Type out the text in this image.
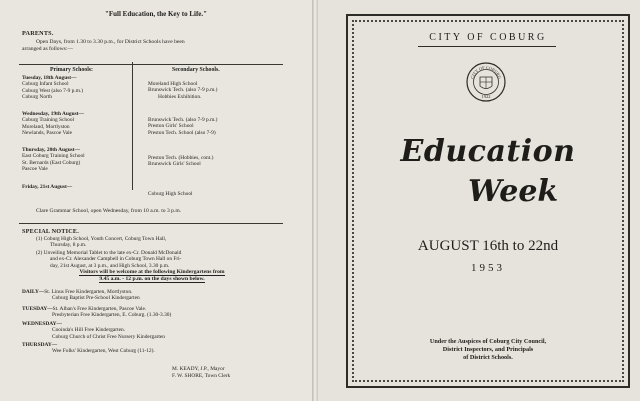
"Full Education, the Key to Life."
PARENTS.
Open Days, from 1.30 to 3.30 p.m., for District Schools have been
arranged as follows:—
Primary Schools:	Secondary Schools.
Tuesday, 18th August—
Coburg Infant School
Coburg West (also 7-9 p.m.)
Coburg North
Wednesday, 19th August—
Coburg Training School
Moreland, Mortlyston
Newlands, Pascoe Vale
Thursday, 20th August—
East Coburg Training School
St. Bernards (East Coburg)
Pascoe Vale
Friday, 21st August—
Moreland High School
Brunswick Tech. (also 7-9 p.m.)
Hobbies Exhibition.
Brunswick Tech. (also 7-9 p.m.)
Preston Girls' School
Preston Tech. School (also 7-9)
Preston Tech. (Hobbies, cont.)
Brunswick Girls' School
Coburg High School
Clare Grammar School, open Wednesday, from 10 a.m. to 3 p.m.
SPECIAL NOTICE.
(1) Coburg High School, Youth Concert, Coburg Town Hall,
Thursday, 8 p.m.
(2) Unveiling Memorial Tablet to the late ex-Cr. Donald McDonald
and ex-Cr. Alexander Campbell in Coburg Town Hall on Fri-
day, 21st August, at 3 p.m., and High School, 3.30 p.m.
Visitors will be welcome at the following Kindergartens from
9.45 a.m. - 12 p.m. on the days shown below.
DAILY—St. Linus Free Kindergarten, Mortlyston.
Coburg Baptist Pre-School Kindergarten
TUESDAY—St. Alban's Free Kindergarten, Pascoe Vale.
Presbyterian Free Kindergarten, E. Coburg. (1.30-3.30)
WEDNESDAY—
Cooinda's Hill Free Kindergarten.
Coburg Church of Christ Free Nursery Kindergarten
THURSDAY—
Wee Folks' Kindergarten, West Coburg (11-12).
M. KEADY, J.P., Mayor
F. W. SHORE, Town Clerk
CITY OF COBURG
CITY OF COBURG
1922
Education
Week
AUGUST 16th to 22nd
1953
Under the Auspices of Coburg City Council,
District Inspectors, and Principals
of District Schools.
